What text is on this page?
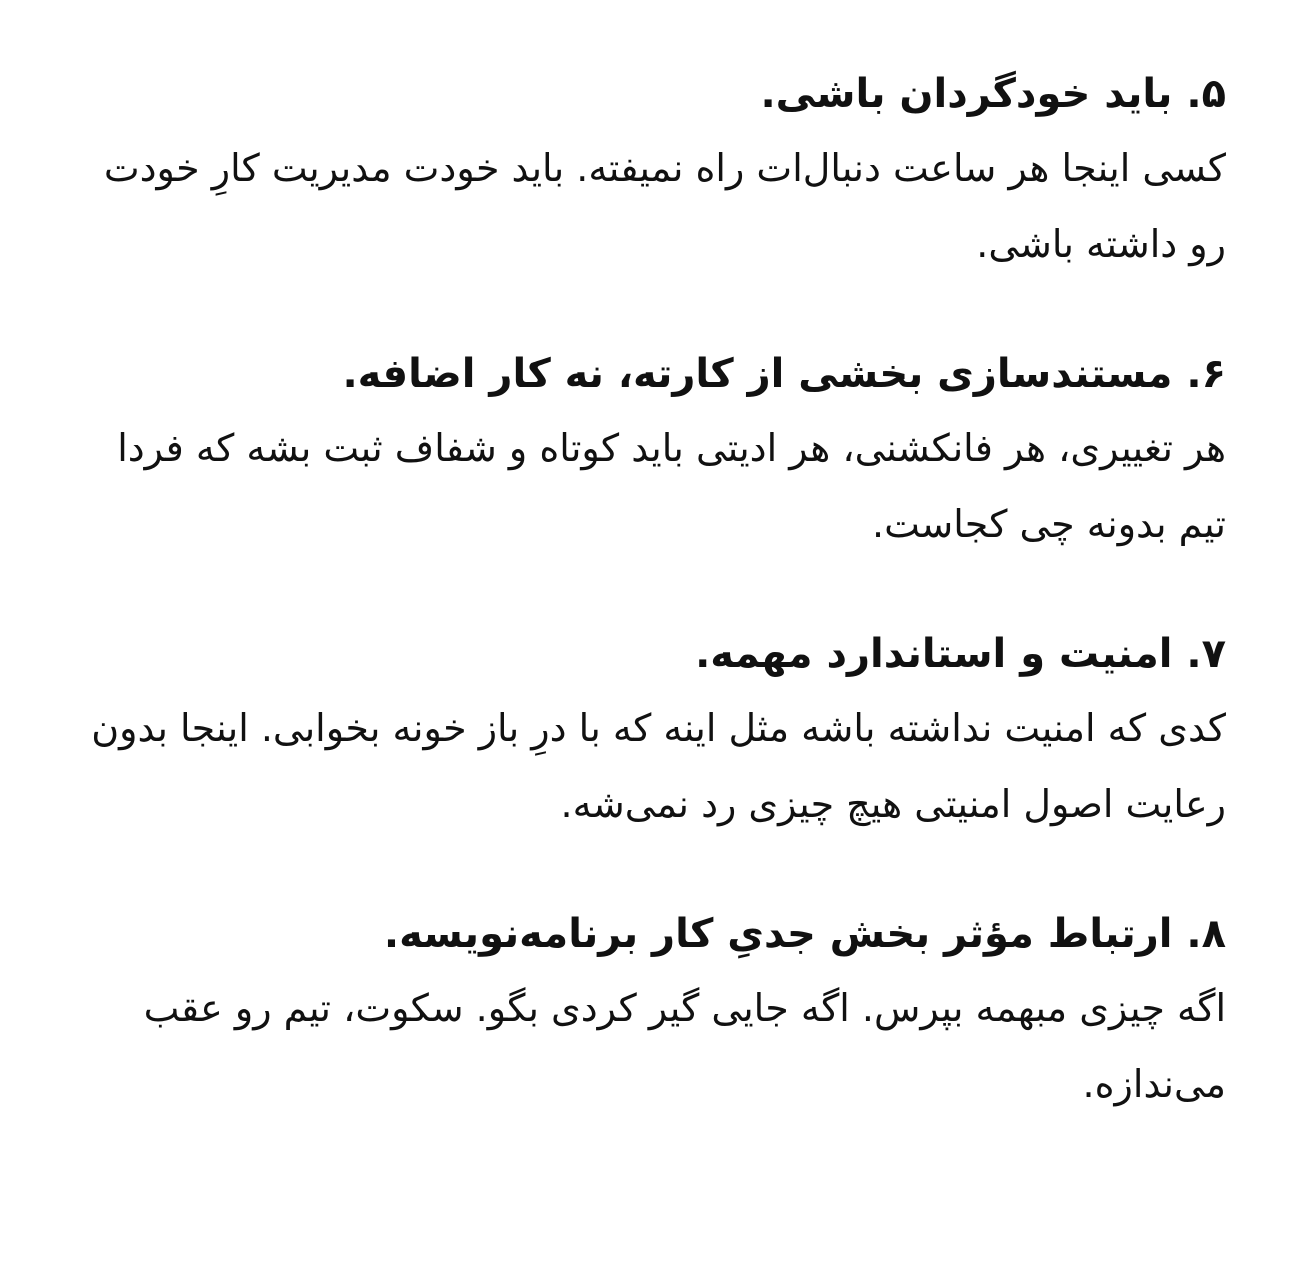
۵. باید خودگردان باشی.

کسی اینجا هر ساعت دنبال‌ات راه نمیفته. باید خودت مدیریت کارِ خودت رو داشته باشی.

۶. مستندسازی بخشی از کارته، نه کار اضافه.

هر تغییری، هر فانکشنی، هر ادیتی باید کوتاه و شفاف ثبت بشه که فردا تیم بدونه چی کجاست.

۷. امنیت و استاندارد مهمه.

کدی که امنیت نداشته باشه مثل اینه که با درِ باز خونه بخوابی. اینجا بدون رعایت اصول امنیتی هیچ چیزی رد نمی‌شه.

۸. ارتباط مؤثر بخش جدیِ کار برنامه‌نویسه.

اگه چیزی مبهمه بپرس. اگه جایی گیر کردی بگو. سکوت، تیم رو عقب می‌ندازه.
